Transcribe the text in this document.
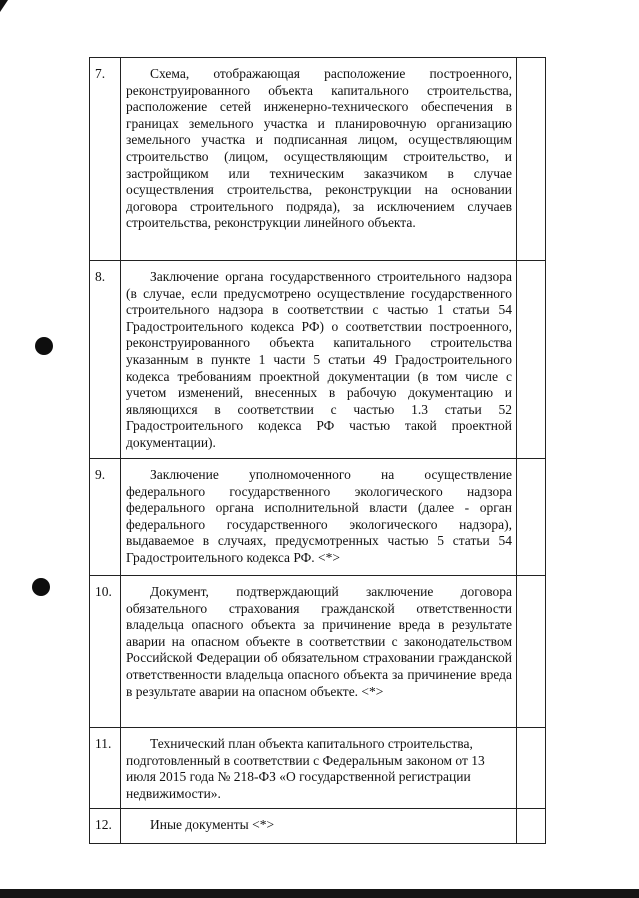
7.	Схема, отображающая расположение построенного, реконструированного объекта капитального строительства, расположение сетей инженерно-технического обеспечения в границах земельного участка и планировочную организацию земельного участка и подписанная лицом, осуществляющим строительство (лицом, осуществляющим строительство, и застройщиком или техническим заказчиком в случае осуществления строительства, реконструкции на основании договора строительного подряда), за исключением случаев строительства, реконструкции линейного объекта.	
8.	Заключение органа государственного строительного надзора (в случае, если предусмотрено осуществление государственного строительного надзора в соответствии с частью 1 статьи 54 Градостроительного кодекса РФ) о соответствии построенного, реконструированного объекта капитального строительства указанным в пункте 1 части 5 статьи 49 Градостроительного кодекса требованиям проектной документации (в том числе с учетом изменений, внесенных в рабочую документацию и являющихся в соответствии с частью 1.3 статьи 52 Градостроительного кодекса РФ частью такой проектной документации).	
9.	Заключение уполномоченного на осуществление федерального государственного экологического надзора федерального органа исполнительной власти (далее - орган федерального государственного экологического надзора), выдаваемое в случаях, предусмотренных частью 5 статьи 54 Градостроительного кодекса РФ. <*>	
10.	Документ, подтверждающий заключение договора обязательного страхования гражданской ответственности владельца опасного объекта за причинение вреда в результате аварии на опасном объекте в соответствии с законодательством Российской Федерации об обязательном страховании гражданской ответственности владельца опасного объекта за причинение вреда в результате аварии на опасном объекте. <*>	
11.	Технический план объекта капитального строительства, подготовленный в соответствии с Федеральным законом от 13 июля 2015 года № 218-ФЗ «О государственной регистрации недвижимости».	
12.	Иные документы <*>	
